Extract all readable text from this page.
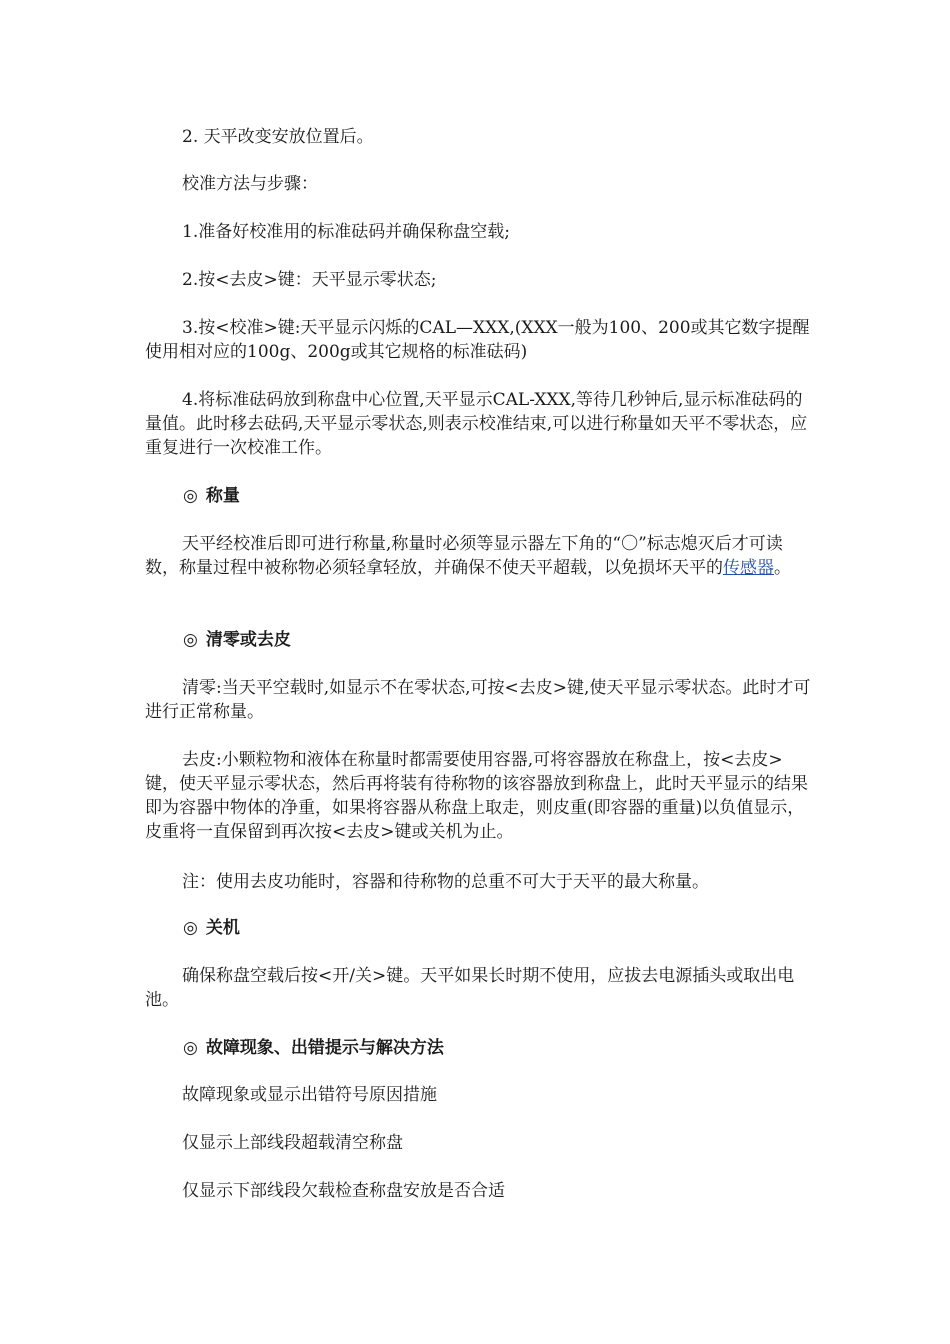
2. 天平改变安放位置后。

校准方法与步骤：

1.准备好校准用的标准砝码并确保称盘空载;

2.按<去皮>键：天平显示零状态;

3.按<校准>键:天平显示闪烁的CAL—XXX,(XXX一般为100、200或其它数字提醒使用相对应的100g、200g或其它规格的标准砝码)

4.将标准砝码放到称盘中心位置,天平显示CAL-XXX,等待几秒钟后,显示标准砝码的量值。此时移去砝码,天平显示零状态,则表示校准结束,可以进行称量如天平不零状态，应重复进行一次校准工作。

◎ 称量

天平经校准后即可进行称量,称量时必须等显示器左下角的“〇”标志熄灭后才可读数，称量过程中被称物必须轻拿轻放，并确保不使天平超载，以免损坏天平的传感器。

◎ 清零或去皮

清零:当天平空载时,如显示不在零状态,可按<去皮>键,使天平显示零状态。此时才可进行正常称量。

去皮:小颗粒物和液体在称量时都需要使用容器,可将容器放在称盘上，按<去皮>键，使天平显示零状态，然后再将装有待称物的该容器放到称盘上，此时天平显示的结果即为容器中物体的净重，如果将容器从称盘上取走，则皮重(即容器的重量)以负值显示，皮重将一直保留到再次按<去皮>键或关机为止。

注：使用去皮功能时，容器和待称物的总重不可大于天平的最大称量。

◎ 关机

确保称盘空载后按<开/关>键。天平如果长时期不使用，应拔去电源插头或取出电池。

◎ 故障现象、出错提示与解决方法

故障现象或显示出错符号原因措施

仅显示上部线段超载清空称盘

仅显示下部线段欠载检查称盘安放是否合适
